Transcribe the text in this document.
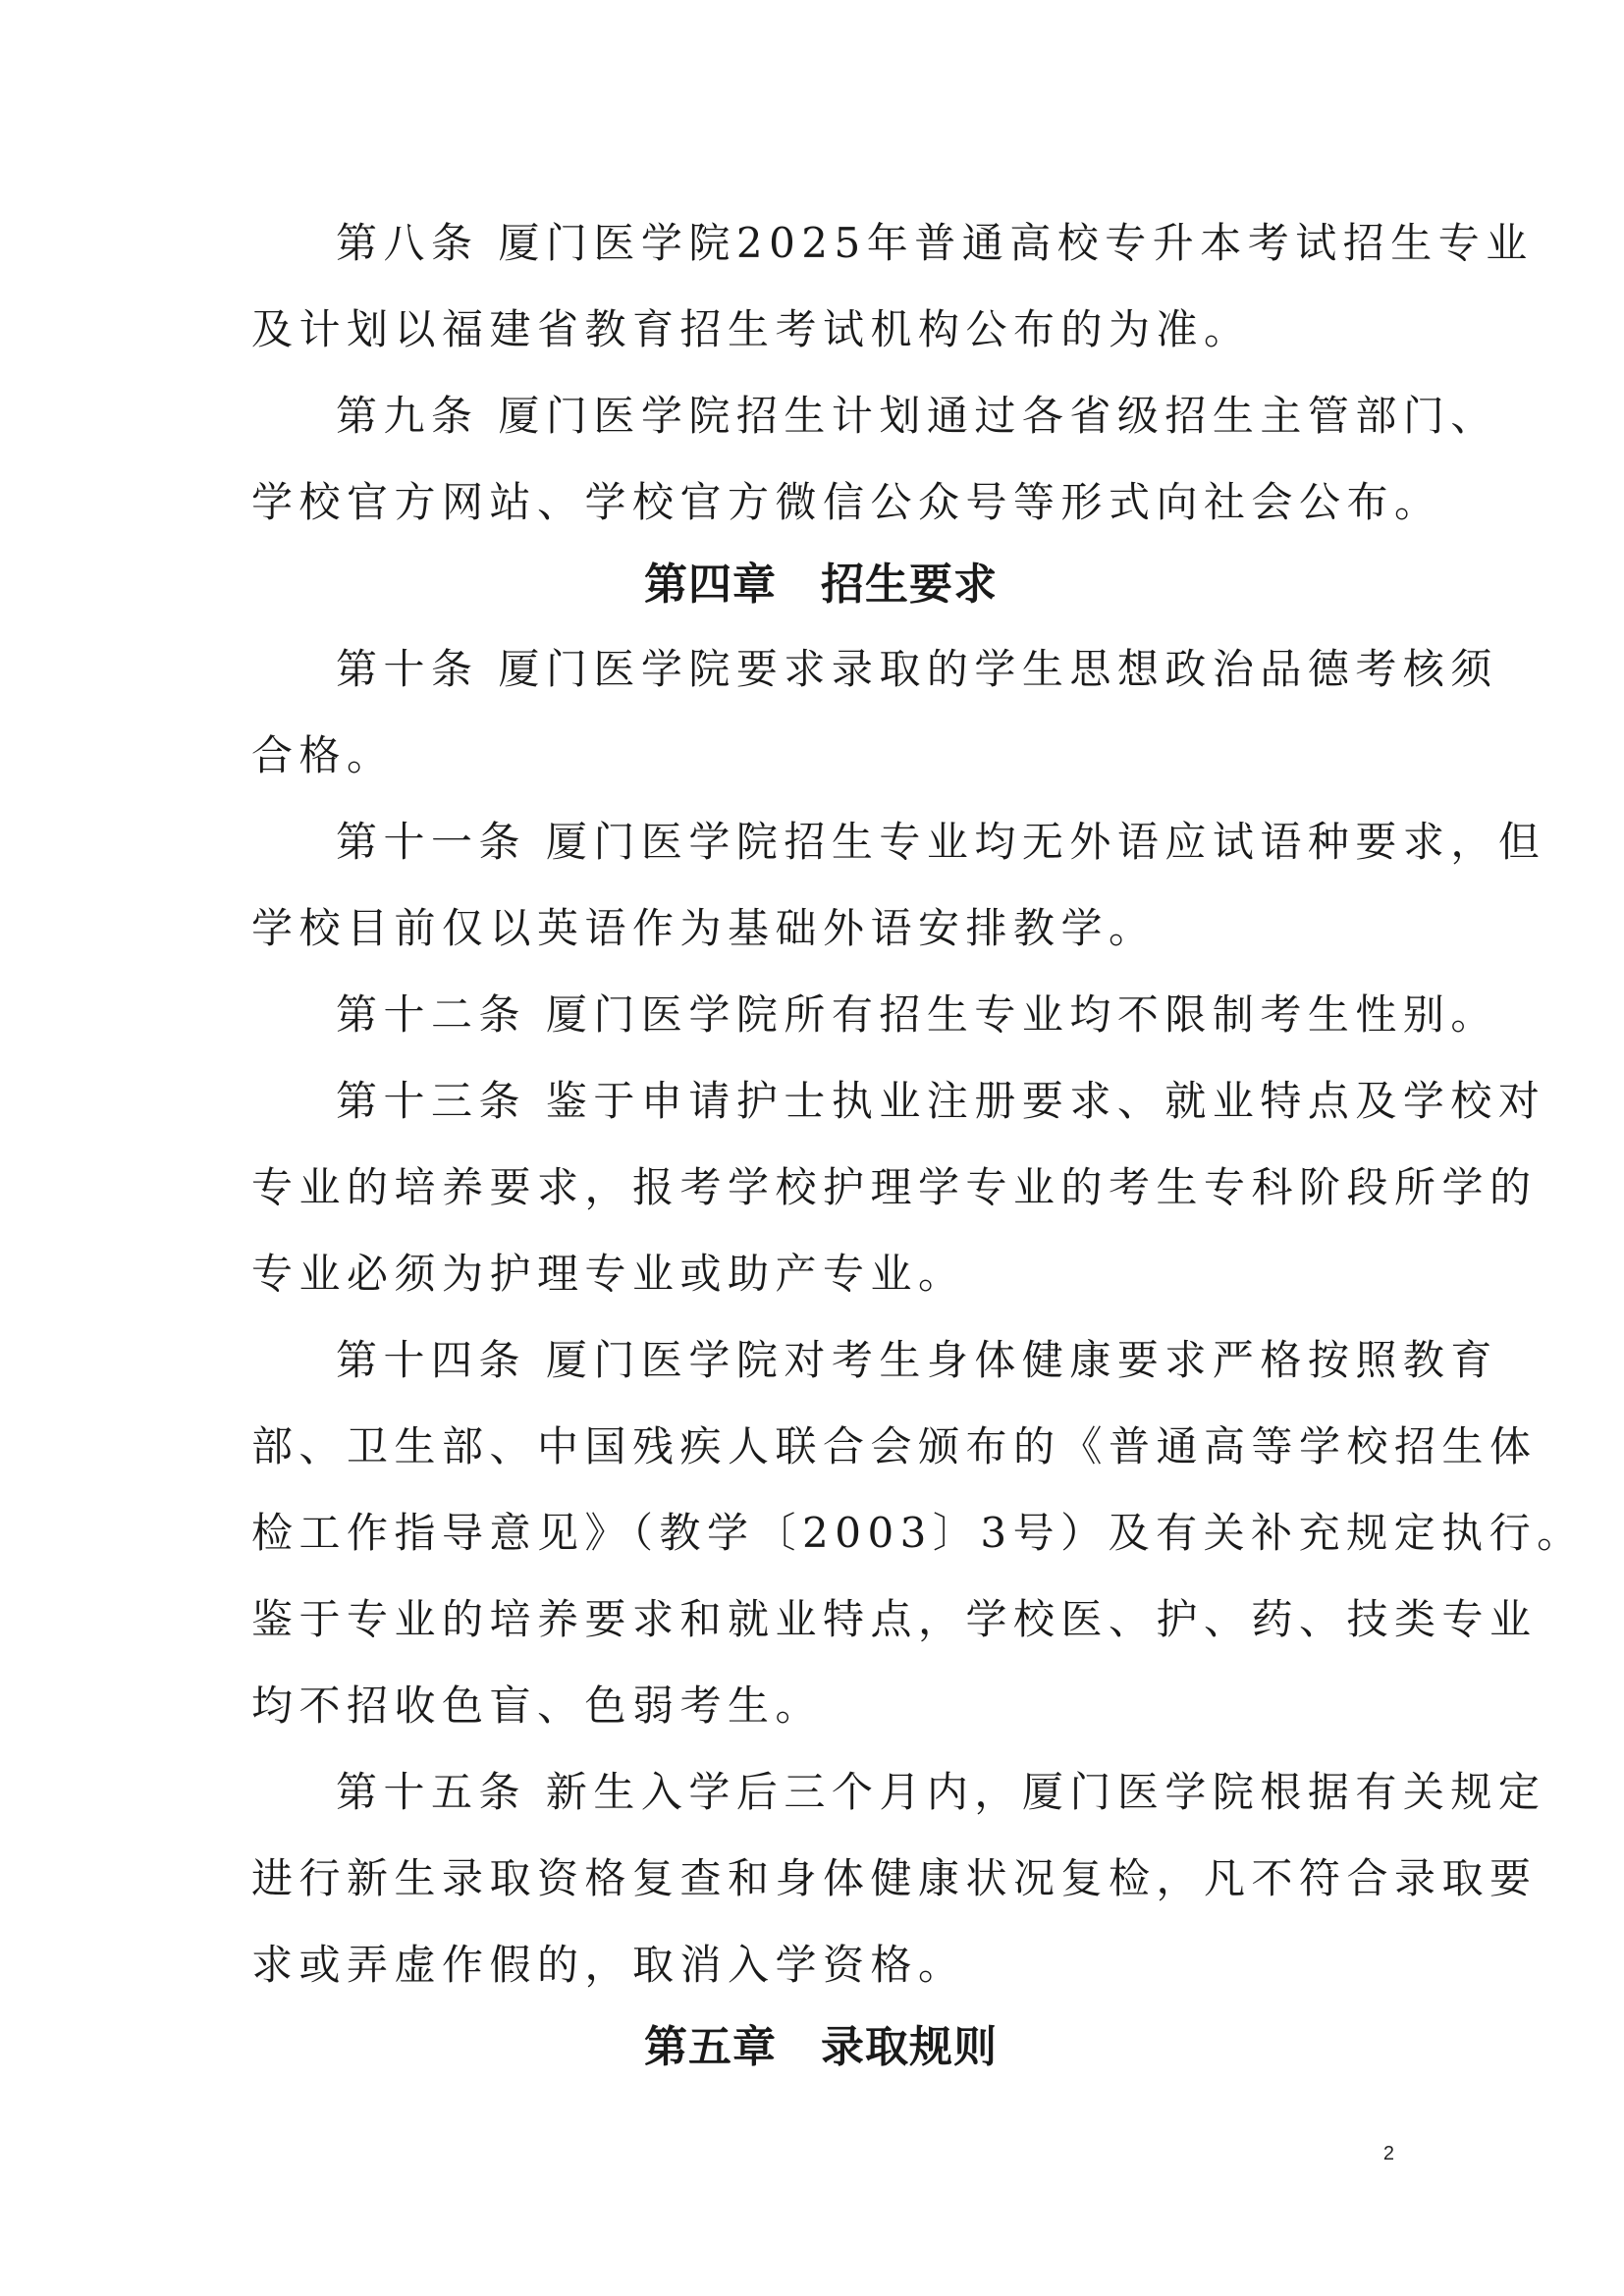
第八条 厦门医学院2025年普通高校专升本考试招生专业
及计划以福建省教育招生考试机构公布的为准。
第九条 厦门医学院招生计划通过各省级招生主管部门、
学校官方网站、学校官方微信公众号等形式向社会公布。
第四章　招生要求
第十条 厦门医学院要求录取的学生思想政治品德考核须
合格。
第十一条 厦门医学院招生专业均无外语应试语种要求，但
学校目前仅以英语作为基础外语安排教学。
第十二条 厦门医学院所有招生专业均不限制考生性别。
第十三条 鉴于申请护士执业注册要求、就业特点及学校对
专业的培养要求，报考学校护理学专业的考生专科阶段所学的
专业必须为护理专业或助产专业。
第十四条 厦门医学院对考生身体健康要求严格按照教育
部、卫生部、中国残疾人联合会颁布的《普通高等学校招生体
检工作指导意见》（教学〔2003〕3号）及有关补充规定执行。
鉴于专业的培养要求和就业特点，学校医、护、药、技类专业
均不招收色盲、色弱考生。
第十五条 新生入学后三个月内，厦门医学院根据有关规定
进行新生录取资格复查和身体健康状况复检，凡不符合录取要
求或弄虚作假的，取消入学资格。
第五章　录取规则
2
